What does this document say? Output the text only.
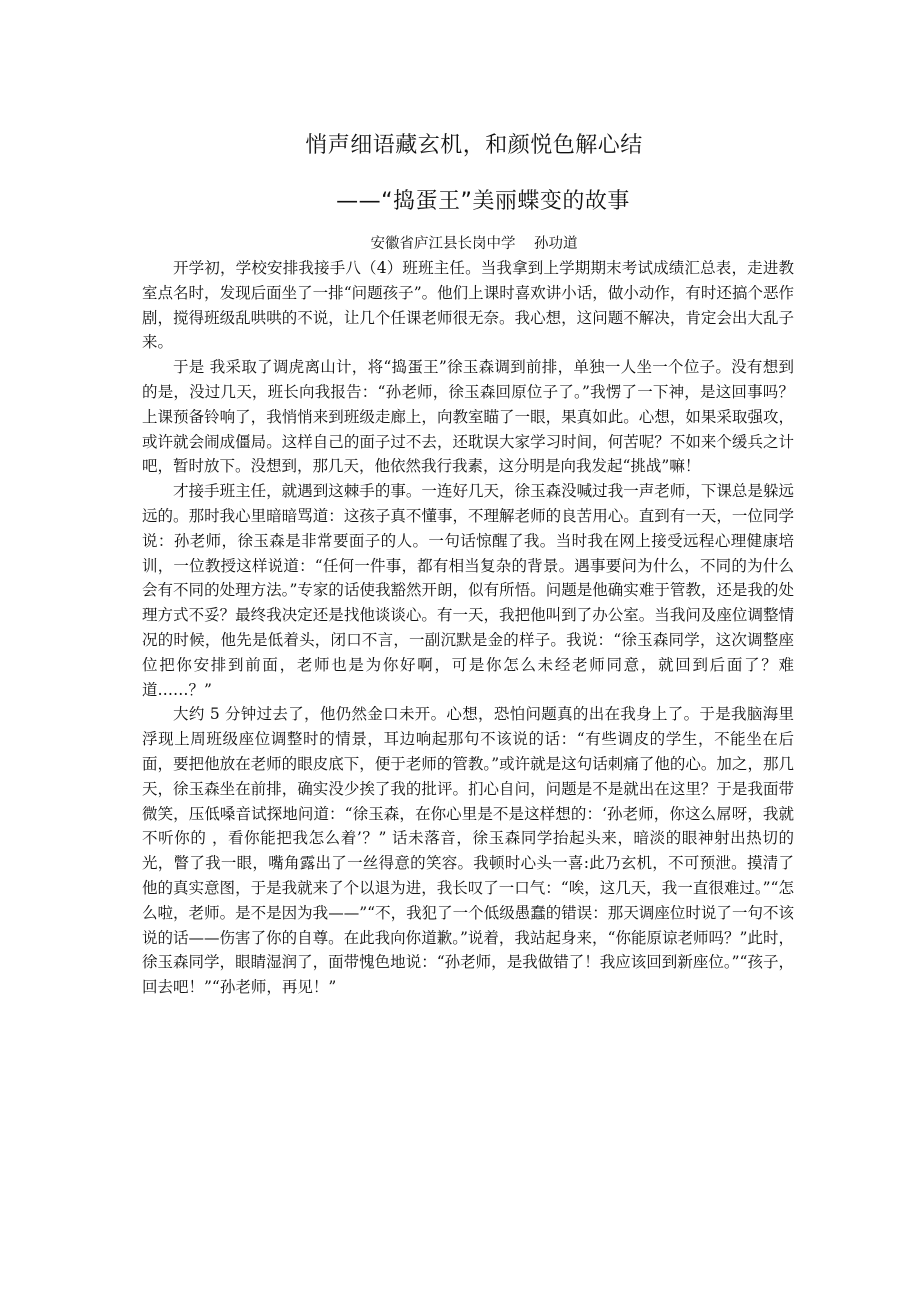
悄声细语藏玄机，和颜悦色解心结
——“捣蛋王”美丽蝶变的故事
安徽省庐江县长岗中学    孙功道

开学初，学校安排我接手八（4）班班主任。当我拿到上学期期末考试成绩汇总表，走进教室点名时，发现后面坐了一排“问题孩子”。他们上课时喜欢讲小话，做小动作，有时还搞个恶作剧，搅得班级乱哄哄的不说，让几个任课老师很无奈。我心想，这问题不解决，肯定会出大乱子来。

于是 我采取了调虎离山计，将“捣蛋王”徐玉森调到前排，单独一人坐一个位子。没有想到的是，没过几天，班长向我报告：“孙老师，徐玉森回原位子了。”我愣了一下神，是这回事吗？上课预备铃响了，我悄悄来到班级走廊上，向教室瞄了一眼，果真如此。心想，如果采取强攻，或许就会闹成僵局。这样自己的面子过不去，还耽误大家学习时间，何苦呢？不如来个缓兵之计吧，暂时放下。没想到，那几天，他依然我行我素，这分明是向我发起“挑战”嘛！

才接手班主任，就遇到这棘手的事。一连好几天，徐玉森没喊过我一声老师，下课总是躲远远的。那时我心里暗暗骂道：这孩子真不懂事，不理解老师的良苦用心。直到有一天，一位同学说：孙老师，徐玉森是非常要面子的人。一句话惊醒了我。当时我在网上接受远程心理健康培训，一位教授这样说道：“任何一件事，都有相当复杂的背景。遇事要问为什么，不同的为什么会有不同的处理方法。”专家的话使我豁然开朗，似有所悟。问题是他确实难于管教，还是我的处理方式不妥？最终我决定还是找他谈谈心。有一天，我把他叫到了办公室。当我问及座位调整情况的时候，他先是低着头，闭口不言，一副沉默是金的样子。我说：“徐玉森同学，这次调整座位把你安排到前面，老师也是为你好啊，可是你怎么未经老师同意，就回到后面了？难道……？”

大约 5 分钟过去了，他仍然金口未开。心想，恐怕问题真的出在我身上了。于是我脑海里浮现上周班级座位调整时的情景，耳边响起那句不该说的话：“有些调皮的学生，不能坐在后面，要把他放在老师的眼皮底下，便于老师的管教。”或许就是这句话刺痛了他的心。加之，那几天，徐玉森坐在前排，确实没少挨了我的批评。扪心自问，问题是不是就出在这里？于是我面带微笑，压低嗓音试探地问道：“徐玉森，在你心里是不是这样想的：‘孙老师，你这么屌呀，我就不听你的 ，看你能把我怎么着’？” 话未落音，徐玉森同学抬起头来，暗淡的眼神射出热切的光，瞥了我一眼，嘴角露出了一丝得意的笑容。我顿时心头一喜:此乃玄机，不可预泄。摸清了他的真实意图，于是我就来了个以退为进，我长叹了一口气：“唉，这几天，我一直很难过。”“怎么啦，老师。是不是因为我——”“不，我犯了一个低级愚蠢的错误：那天调座位时说了一句不该说的话——伤害了你的自尊。在此我向你道歉。”说着，我站起身来，“你能原谅老师吗？”此时，徐玉森同学，眼睛湿润了，面带愧色地说：“孙老师，是我做错了！我应该回到新座位。”“孩子，回去吧！”“孙老师，再见！”
